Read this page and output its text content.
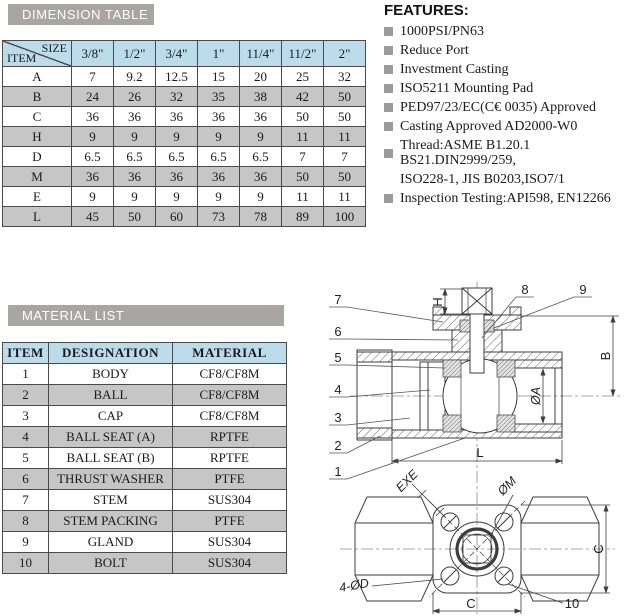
DIMENSION TABLE
SIZE
ITEM	3/8"	1/2"	3/4"	1"	11/4"	11/2"	2"
A	7	9.2	12.5	15	20	25	32
B	24	26	32	35	38	42	50
C	36	36	36	36	36	50	50
H	9	9	9	9	9	11	11
D	6.5	6.5	6.5	6.5	6.5	7	7
M	36	36	36	36	36	50	50
E	9	9	9	9	9	11	11
L	45	50	60	73	78	89	100
FEATURES:
1000PSI/PN63
Reduce Port
Investment Casting
ISO5211 Mounting Pad
PED97/23/EC(C€ 0035) Approved
Casting Approved AD2000-W0
Thread:ASME B1.20.1 BS21.DIN2999/259,
ISO228-1, JIS B0203,ISO7/1
Inspection Testing:API598, EN12266
MATERIAL LIST
ITEM	DESIGNATION	MATERIAL
1	BODY	CF8/CF8M
2	BALL	CF8/CF8M
3	CAP	CF8/CF8M
4	BALL SEAT (A)	RPTFE
5	BALL SEAT (B)	RPTFE
6	THRUST WASHER	PTFE
7	STEM	SUS304
8	STEM PACKING	PTFE
9	GLAND	SUS304
10	BOLT	SUS304
H
B
ØA
L
7
6
5
4
3
2
1
8	9
EXE	ØM
C
C
4-ØD
10
